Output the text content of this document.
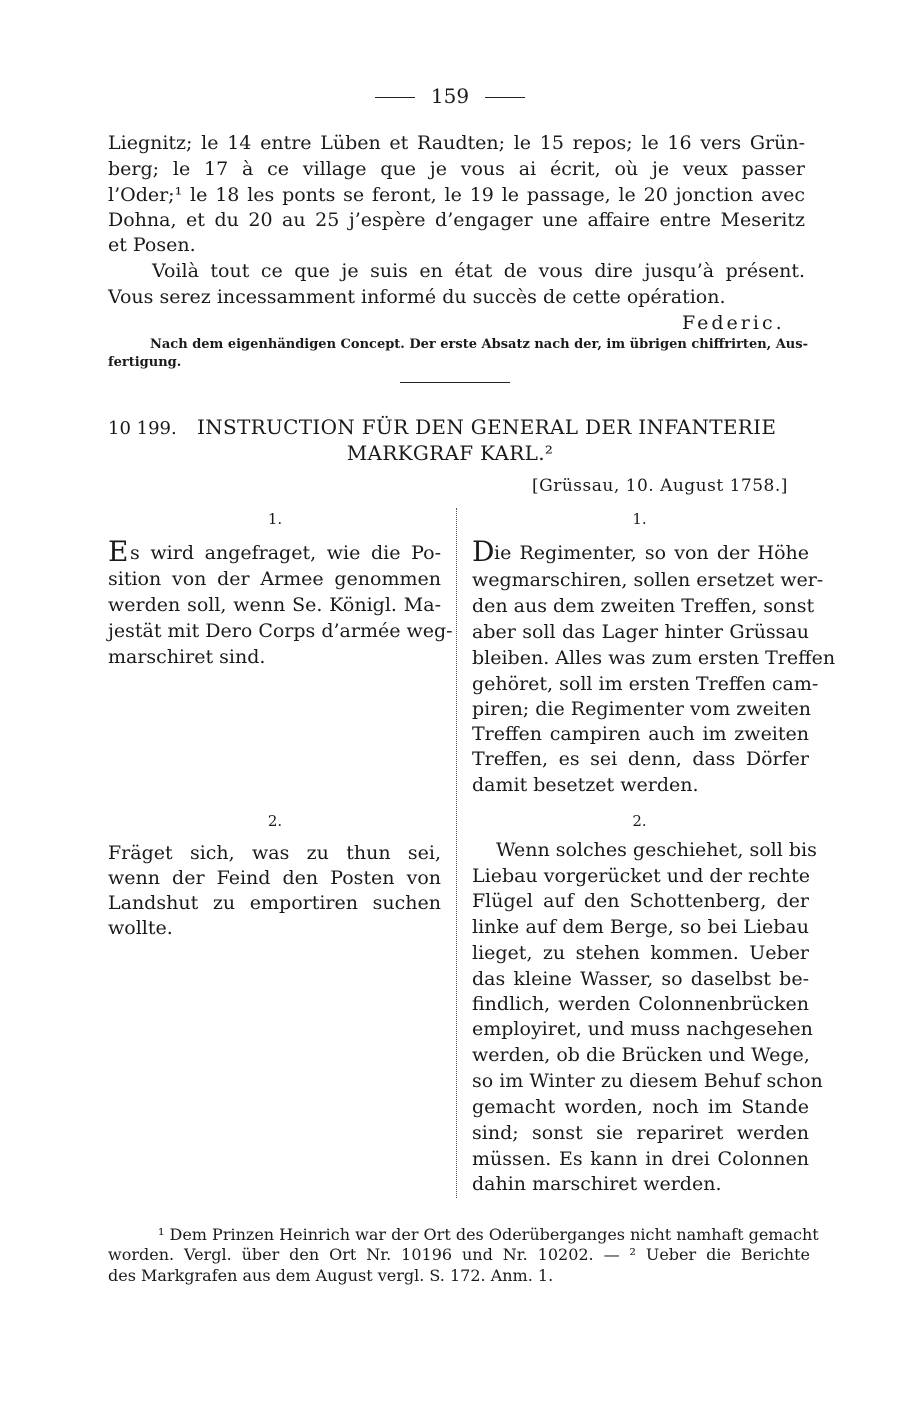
159
Liegnitz; le 14 entre Lüben et Raudten; le 15 repos; le 16 vers Grün-
berg; le 17 à ce village que je vous ai écrit, où je veux passer
l’Oder;¹ le 18 les ponts se feront, le 19 le passage, le 20 jonction avec
Dohna, et du 20 au 25 j’espère d’engager une affaire entre Meseritz
et Posen.
Voilà tout ce que je suis en état de vous dire jusqu’à présent.
Vous serez incessamment informé du succès de cette opération.
Federic.
Nach dem eigenhändigen Concept. Der erste Absatz nach der, im übrigen chiffrirten, Aus-
fertigung.
10 199. INSTRUCTION FÜR DEN GENERAL DER INFANTERIE
MARKGRAF KARL.²
[Grüssau, 10. August 1758.]
1.
E s wird angefraget, wie die Po-
sition von der Armee genommen
werden soll, wenn Se. Königl. Ma-
jestät mit Dero Corps d’armée weg-
marschiret sind.
2.
Fräget sich, was zu thun sei,
wenn der Feind den Posten von
Landshut zu emportiren suchen
wollte.
1.
D ie Regimenter, so von der Höhe
wegmarschiren, sollen ersetzet wer-
den aus dem zweiten Treffen, sonst
aber soll das Lager hinter Grüssau
bleiben. Alles was zum ersten Treffen
gehöret, soll im ersten Treffen cam-
piren; die Regimenter vom zweiten
Treffen campiren auch im zweiten
Treffen, es sei denn, dass Dörfer
damit besetzet werden.
2.
Wenn solches geschiehet, soll bis
Liebau vorgerücket und der rechte
Flügel auf den Schottenberg, der
linke auf dem Berge, so bei Liebau
lieget, zu stehen kommen. Ueber
das kleine Wasser, so daselbst be-
findlich, werden Colonnenbrücken
employiret, und muss nachgesehen
werden, ob die Brücken und Wege,
so im Winter zu diesem Behuf schon
gemacht worden, noch im Stande
sind; sonst sie repariret werden
müssen. Es kann in drei Colonnen
dahin marschiret werden.
¹ Dem Prinzen Heinrich war der Ort des Oderüberganges nicht namhaft gemacht
worden. Vergl. über den Ort Nr. 10196 und Nr. 10202. — ² Ueber die Berichte
des Markgrafen aus dem August vergl. S. 172. Anm. 1.
